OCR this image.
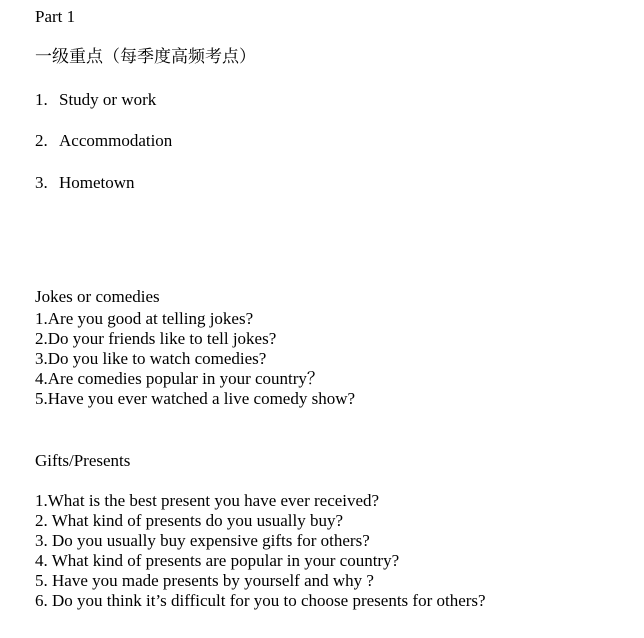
Part 1

一级重点（每季度高频考点）

1. Study or work

2. Accommodation

3. Hometown

Jokes or comedies

1.Are you good at telling jokes?

2.Do your friends like to tell jokes?

3.Do you like to watch comedies?

4.Are comedies popular in your country？

5.Have you ever watched a live comedy show?

Gifts/Presents

1.What is the best present you have ever received?

2. What kind of presents do you usually buy?

3. Do you usually buy expensive gifts for others?

4. What kind of presents are popular in your country?

5. Have you made presents by yourself and why ?

6. Do you think it’s difficult for you to choose presents for others?
